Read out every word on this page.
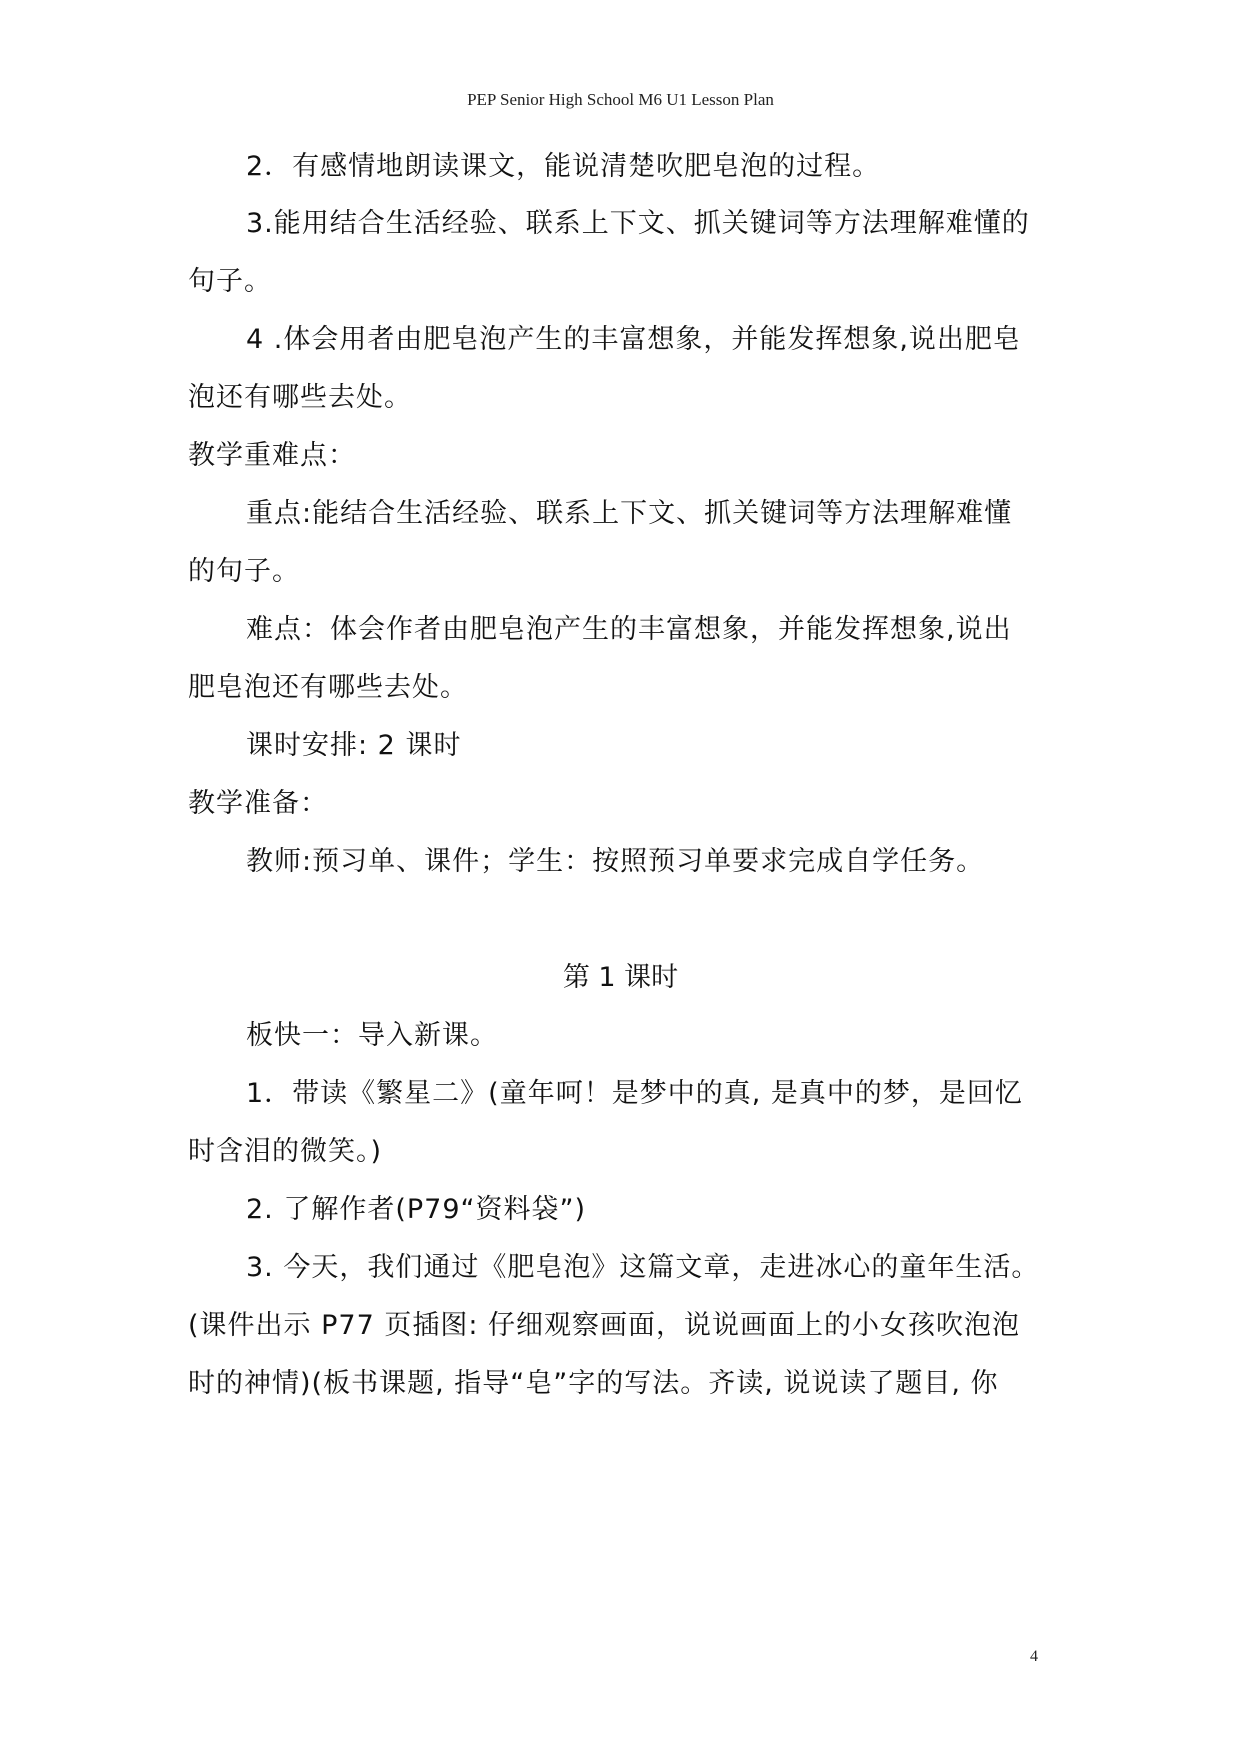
PEP Senior High School M6 U1 Lesson Plan
2．有感情地朗读课文，能说清楚吹肥皂泡的过程。
3.能用结合生活经验、联系上下文、抓关键词等方法理解难懂的
句子。
4 .体会用者由肥皂泡产生的丰富想象，并能发挥想象,说出肥皂
泡还有哪些去处。
教学重难点：
重点:能结合生活经验、联系上下文、抓关键词等方法理解难懂
的句子。
难点：体会作者由肥皂泡产生的丰富想象，并能发挥想象,说出
肥皂泡还有哪些去处。
课时安排: 2 课时
教学准备：
教师:预习单、课件；学生：按照预习单要求完成自学任务。
第 1 课时
板快一：导入新课。
1．带读《繁星二》(童年呵！是梦中的真, 是真中的梦，是回忆
时含泪的微笑。)
2. 了解作者(P79“资料袋”)
3. 今天，我们通过《肥皂泡》这篇文章，走进冰心的童年生活。
(课件出示 P77 页插图: 仔细观察画面，说说画面上的小女孩吹泡泡
时的神情)(板书课题, 指导“皂”字的写法。齐读, 说说读了题目, 你
4
